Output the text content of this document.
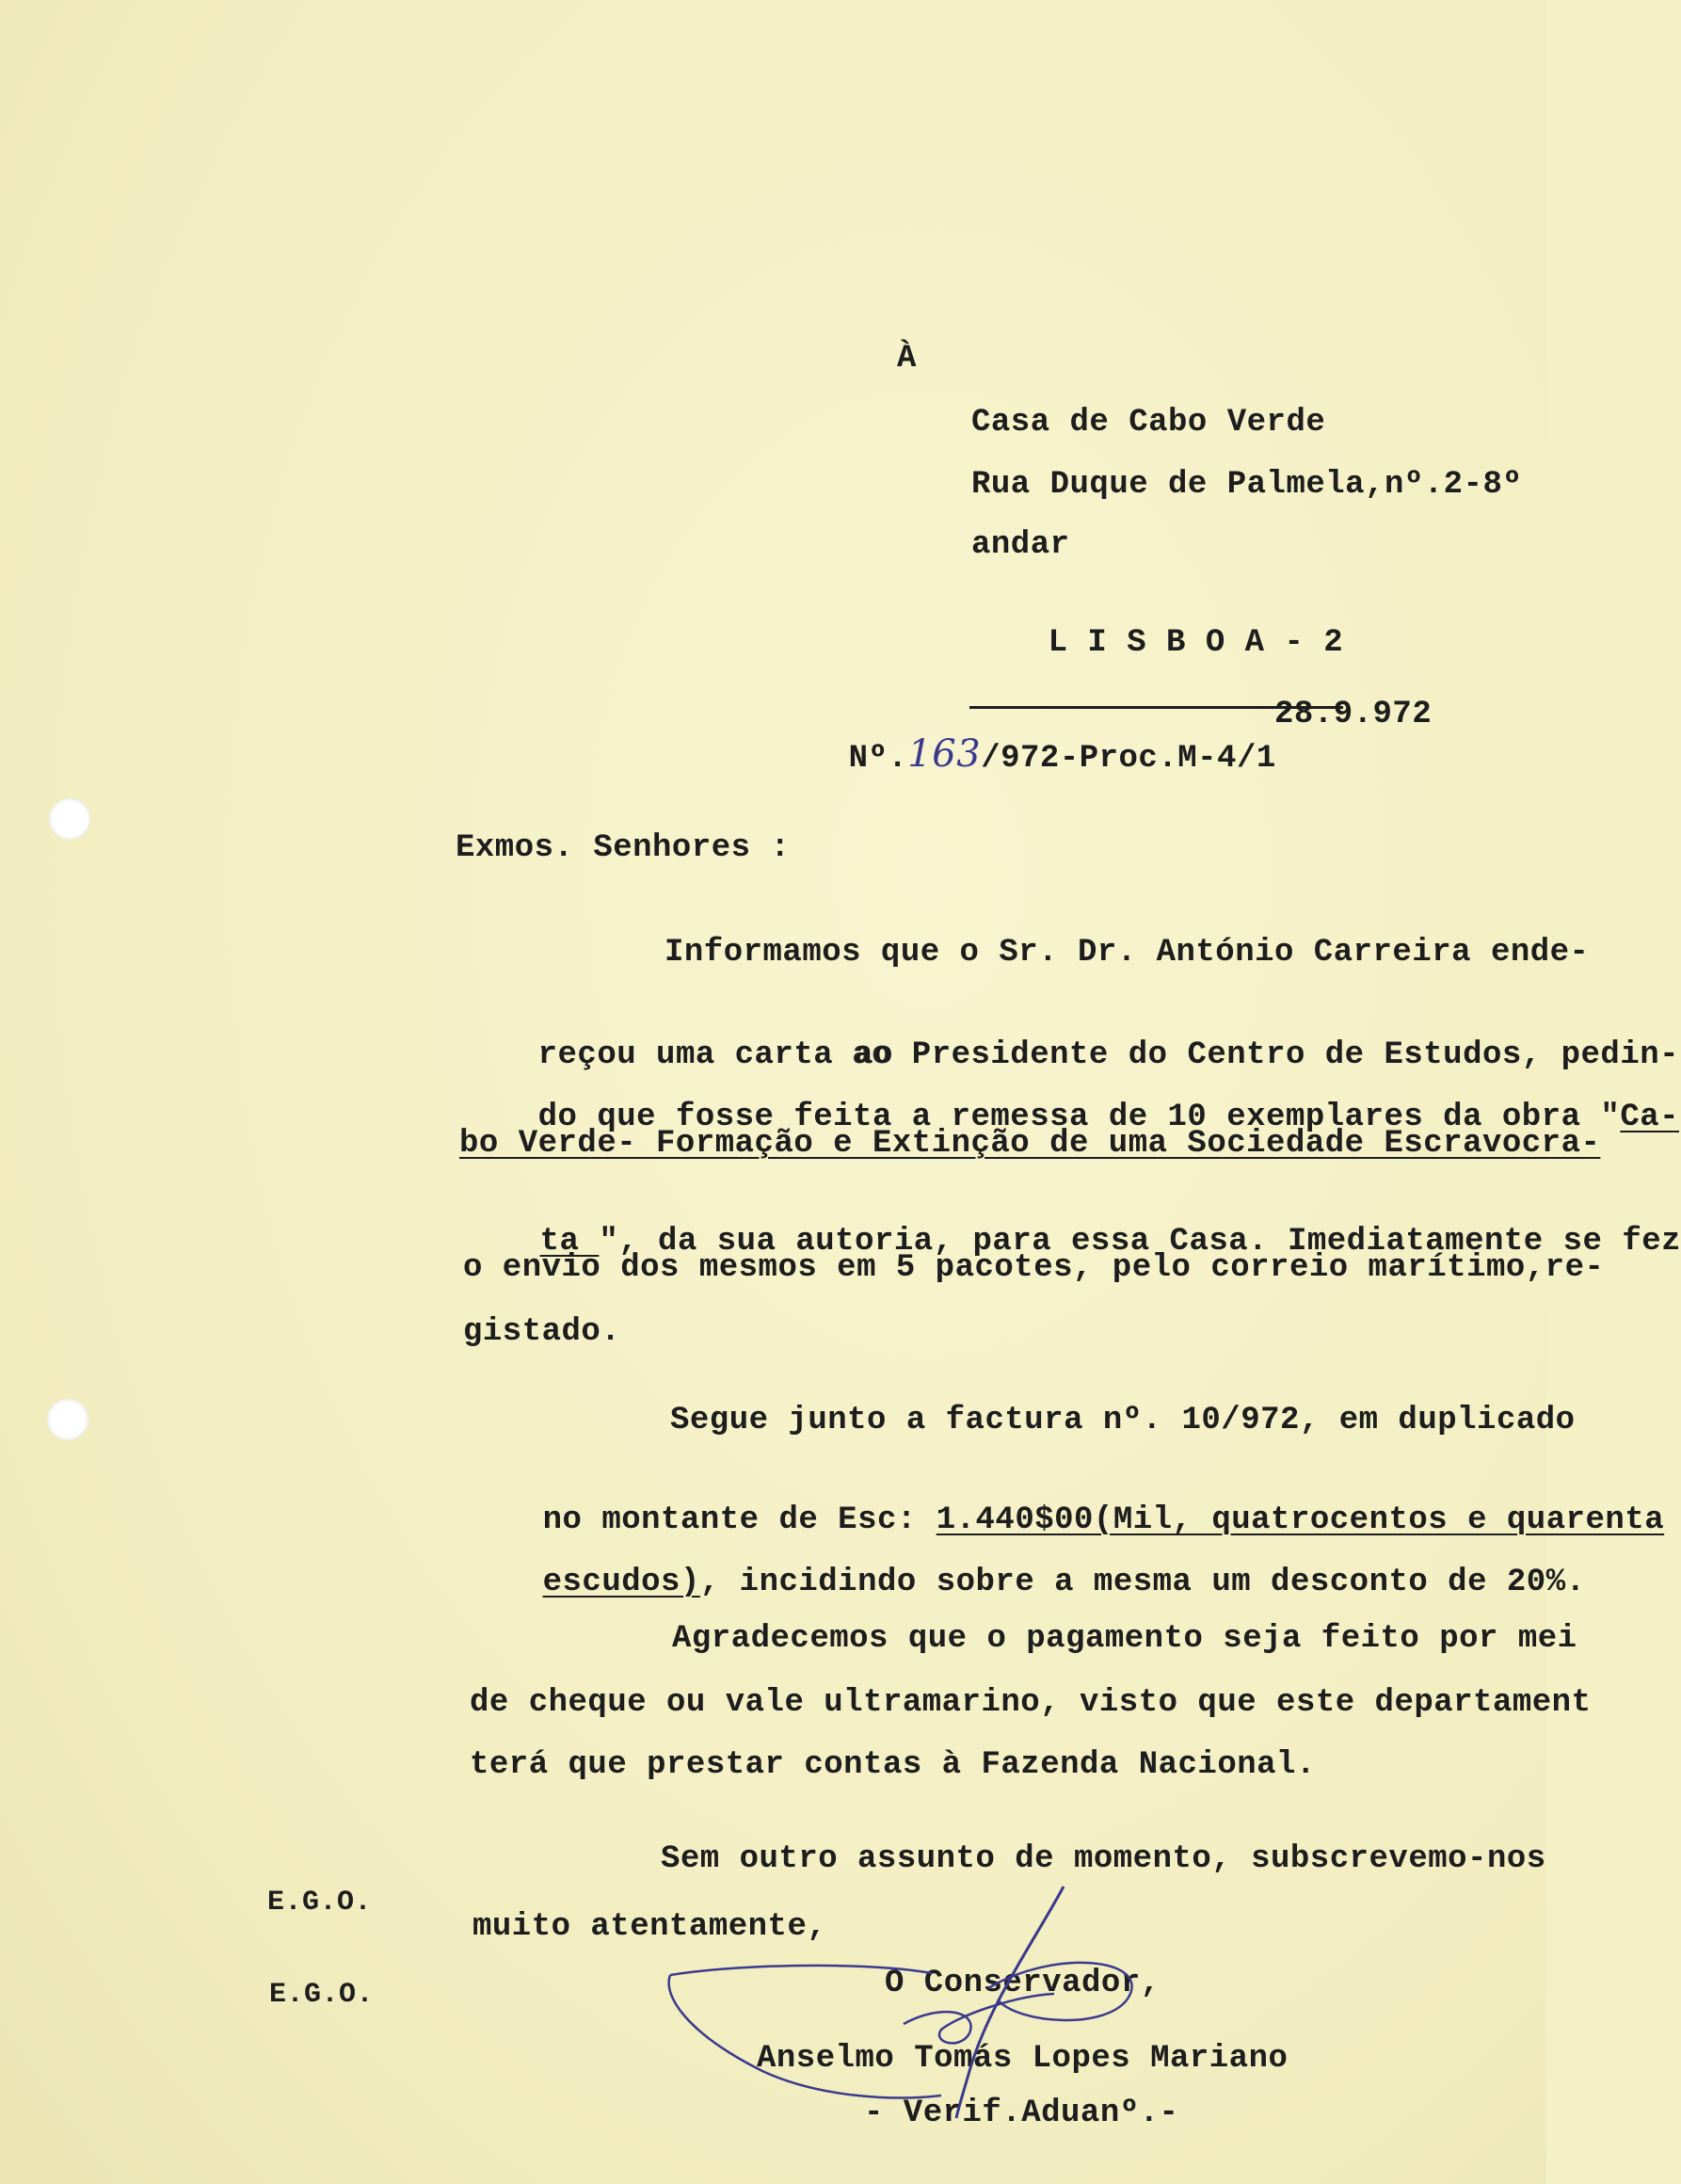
À
Casa de Cabo Verde
Rua Duque de Palmela,nº.2-8º
andar

L I S B O A - 2

Nº.163/972-Proc.M-4/1

28.9.972
Exmos. Senhores :
Informamos que o Sr. Dr. António Carreira ende-

reçou uma carta ao Presidente do Centro de Estudos, pedin-

do que fosse feita a remessa de 10 exemplares da obra "Ca-

bo Verde- Formação e Extinção de uma Sociedade Escravocra-

ta ", da sua autoria, para essa Casa. Imediatamente se fez

o envio dos mesmos em 5 pacotes, pelo correio marítimo,re-
gistado.
Segue junto a factura nº. 10/972, em duplicado

no montante de Esc: 1.440$00(Mil, quatrocentos e quarenta

escudos), incidindo sobre a mesma um desconto de 20%.

Agradecemos que o pagamento seja feito por mei
de cheque ou vale ultramarino, visto que este departament
terá que prestar contas à Fazenda Nacional.
Sem outro assunto de momento, subscrevemo-nos
muito atentamente,
E.G.O.
E.G.O.	O Conservador,
Anselmo Tomás Lopes Mariano
- Verif.Aduanº.-
